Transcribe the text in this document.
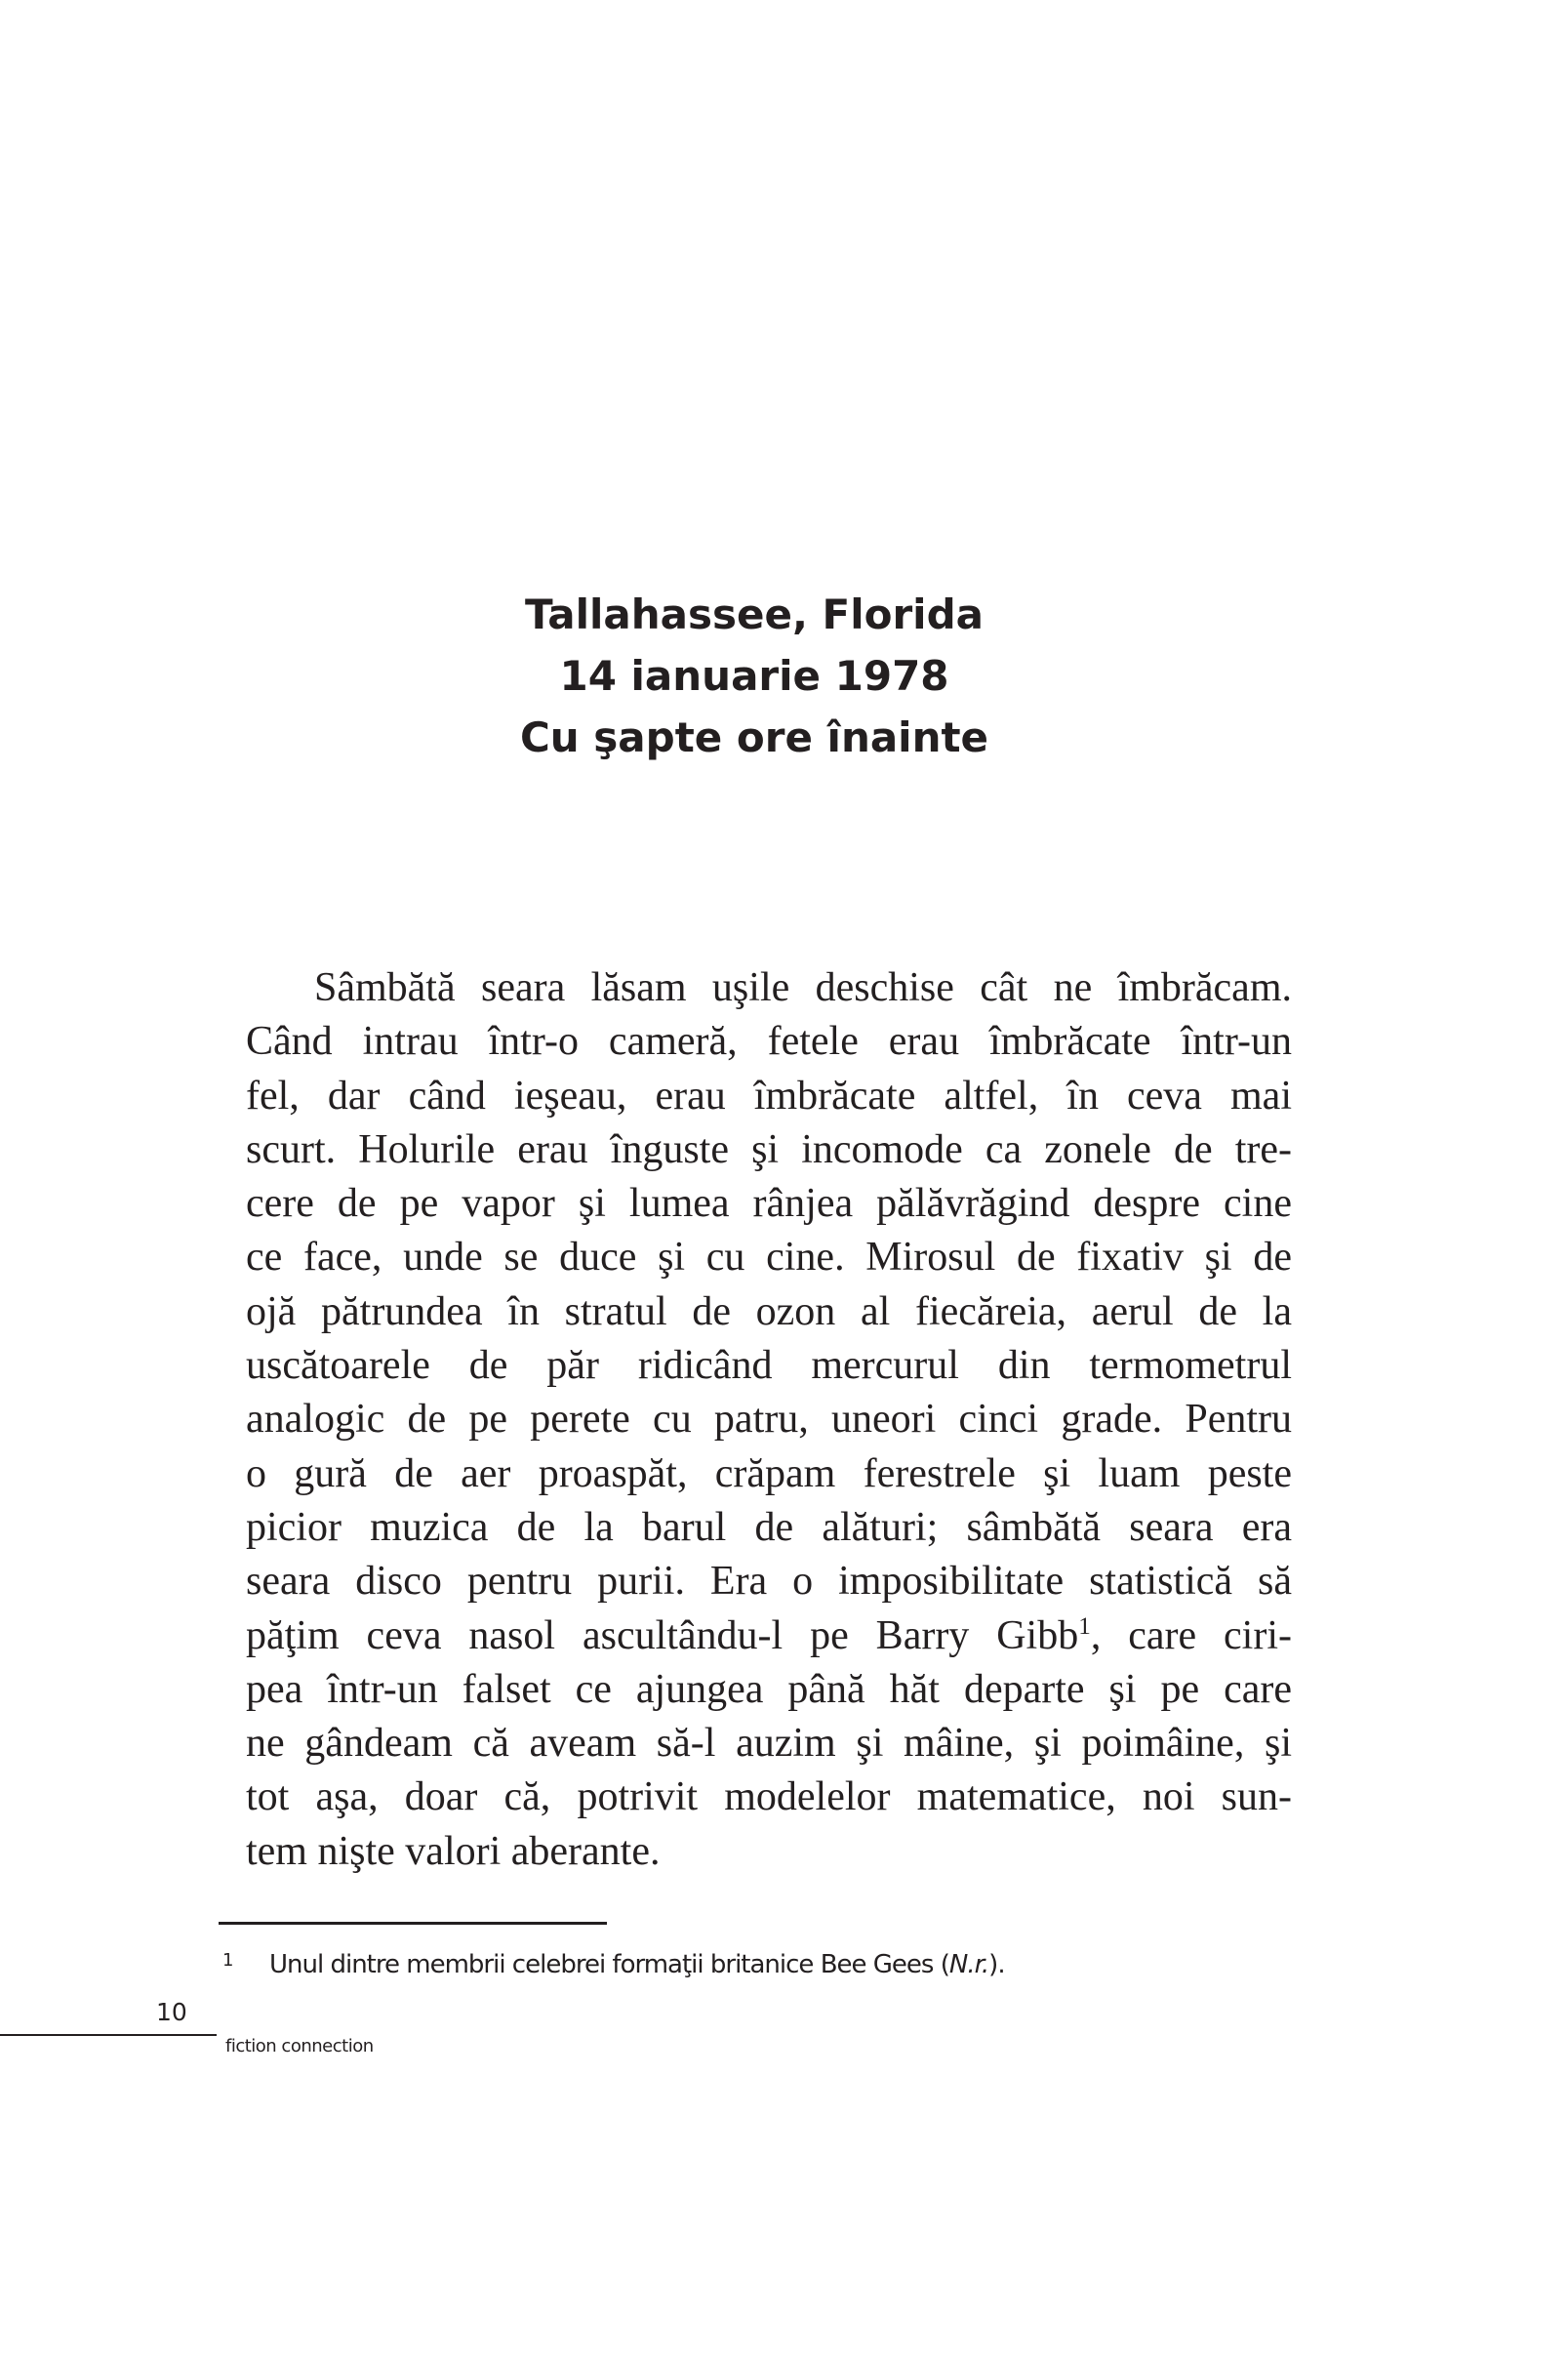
Tallahassee, Florida
14 ianuarie 1978
Cu şapte ore înainte
Sâmbătă seara lăsam uşile deschise cât ne îmbrăcam.
Când intrau într-o cameră, fetele erau îmbrăcate într-un
fel, dar când ieşeau, erau îmbrăcate altfel, în ceva mai
scurt. Holurile erau înguste şi incomode ca zonele de tre-
cere de pe vapor şi lumea rânjea pălăvrăgind despre cine
ce face, unde se duce şi cu cine. Mirosul de fixativ şi de
ojă pătrundea în stratul de ozon al fiecăreia, aerul de la
uscătoarele de păr ridicând mercurul din termometrul
analogic de pe perete cu patru, uneori cinci grade. Pentru
o gură de aer proaspăt, crăpam ferestrele şi luam peste
picior muzica de la barul de alături; sâmbătă seara era
seara disco pentru purii. Era o imposibilitate statistică să
păţim ceva nasol ascultându-l pe Barry Gibb$^1$, care ciri-
pea într-un falset ce ajungea până hăt departe şi pe care
ne gândeam că aveam să-l auzim şi mâine, şi poimâine, şi
tot aşa, doar că, potrivit modelelor matematice, noi sun-
tem nişte valori aberante.
1 Unul dintre membrii celebrei formaţii britanice Bee Gees (N.r.).
10
fiction connection
